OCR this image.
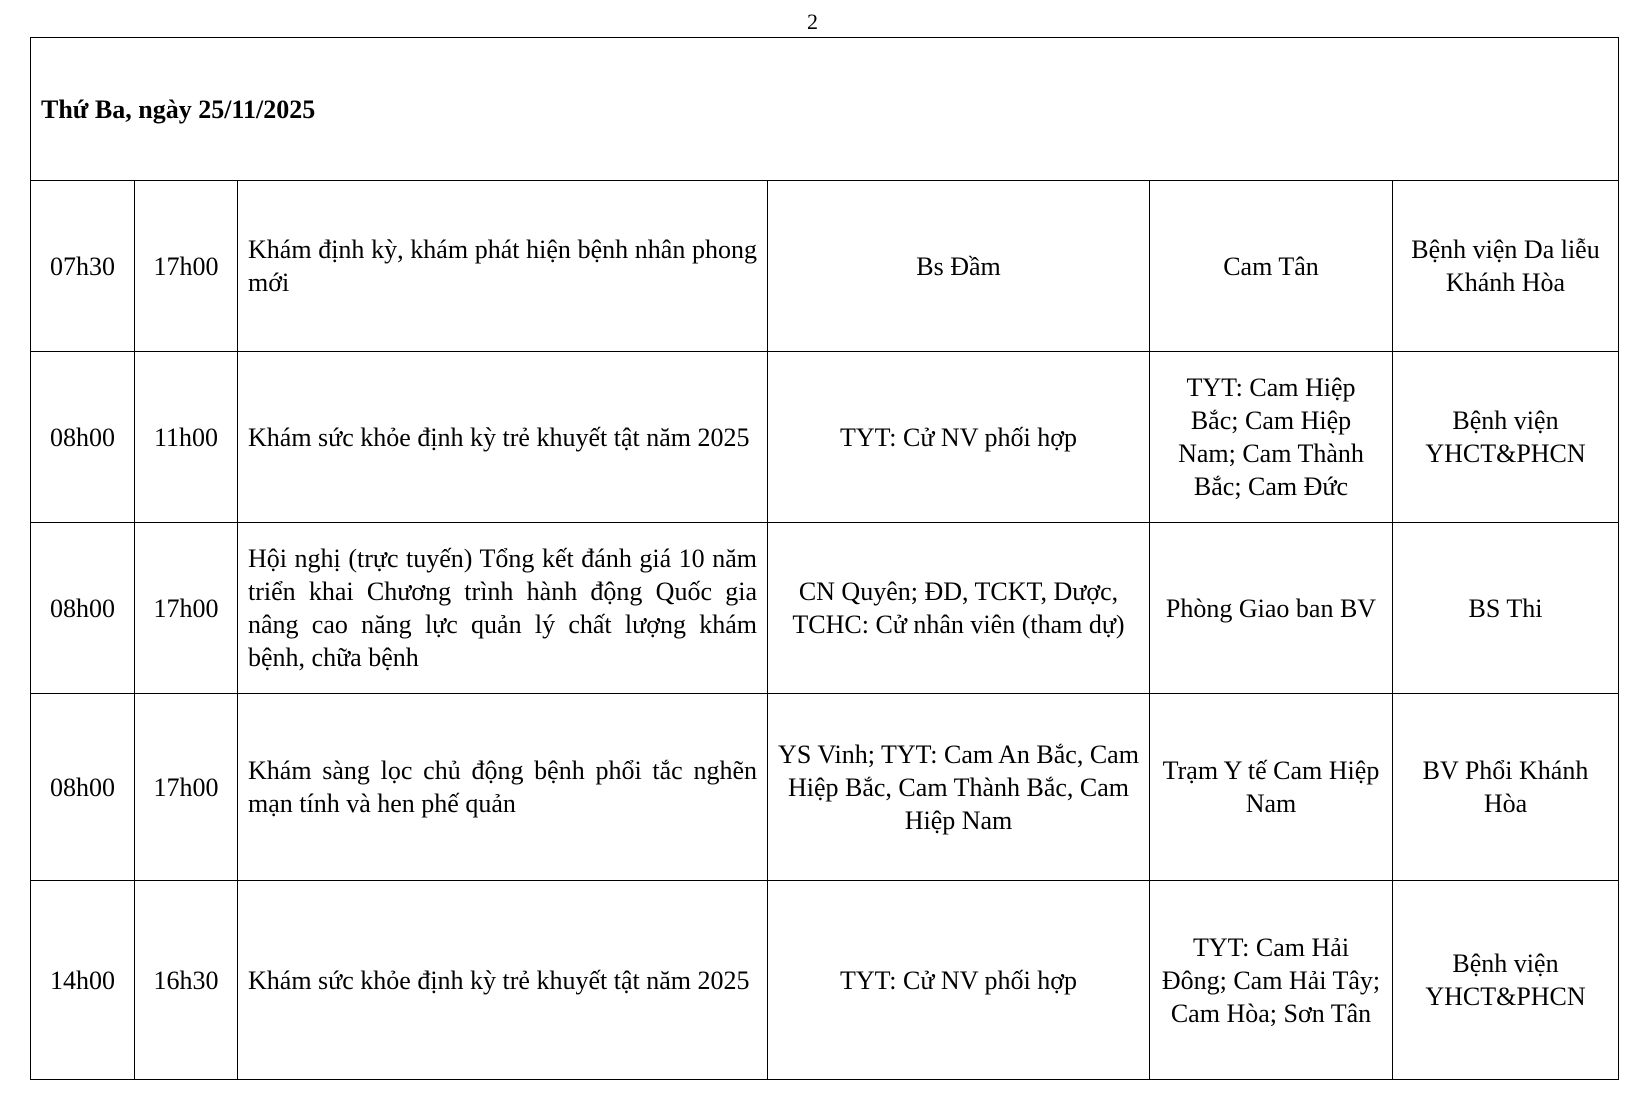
2
Thứ Ba, ngày 25/11/2025					
07h30	17h00	Khám định kỳ, khám phát hiện bệnh nhân phong mới	Bs Đầm	Cam Tân	Bệnh viện Da liễu Khánh Hòa
08h00	11h00	Khám sức khỏe định kỳ trẻ khuyết tật năm 2025	TYT: Cử NV phối hợp	TYT: Cam Hiệp Bắc; Cam Hiệp Nam; Cam Thành Bắc; Cam Đức	Bệnh viện YHCT&PHCN
08h00	17h00	Hội nghị (trực tuyến) Tổng kết đánh giá 10 năm triển khai Chương trình hành động Quốc gia nâng cao năng lực quản lý chất lượng khám bệnh, chữa bệnh	CN Quyên; ĐD, TCKT, Dược, TCHC: Cử nhân viên (tham dự)	Phòng Giao ban BV	BS Thi
08h00	17h00	Khám sàng lọc chủ động bệnh phổi tắc nghẽn mạn tính và hen phế quản	YS Vinh; TYT: Cam An Bắc, Cam Hiệp Bắc, Cam Thành Bắc, Cam Hiệp Nam	Trạm Y tế Cam Hiệp Nam	BV Phổi Khánh Hòa
14h00	16h30	Khám sức khỏe định kỳ trẻ khuyết tật năm 2025	TYT: Cử NV phối hợp	TYT: Cam Hải Đông; Cam Hải Tây; Cam Hòa; Sơn Tân	Bệnh viện YHCT&PHCN
